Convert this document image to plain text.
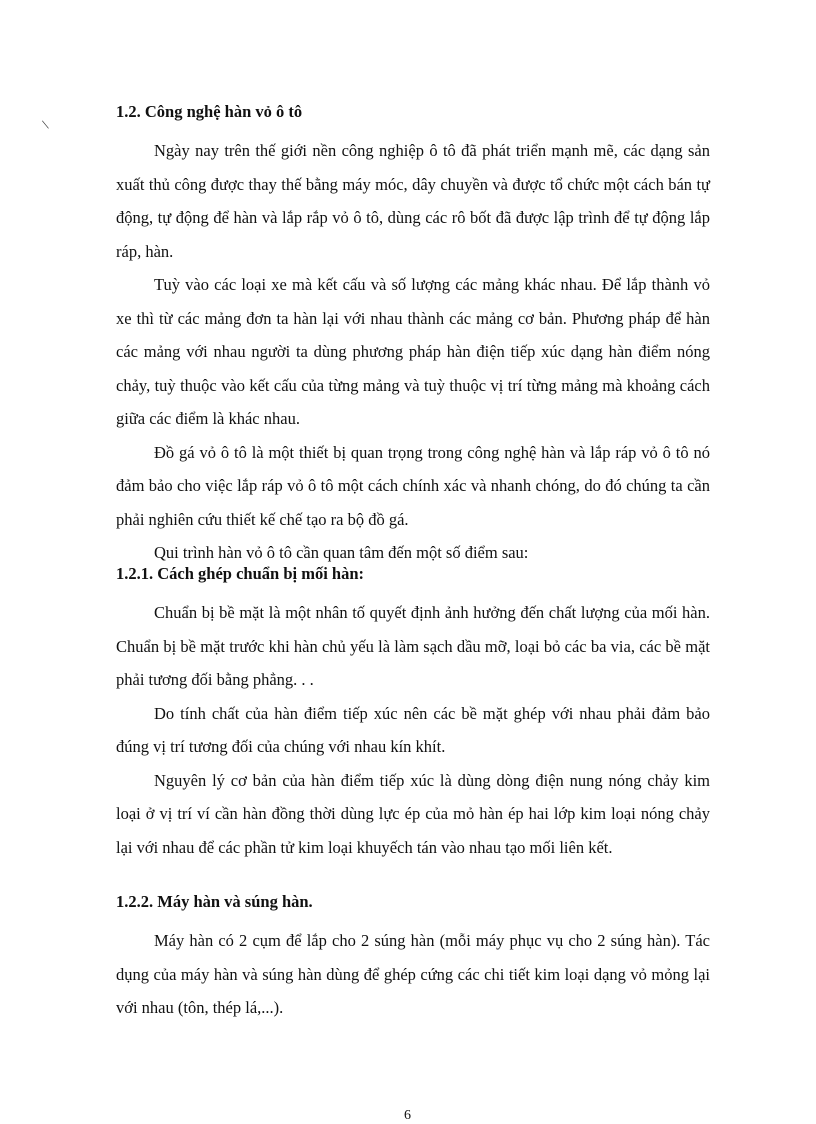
\

1.2. Công nghệ hàn vỏ ô tô

Ngày nay trên thế giới nền công nghiệp ô tô đã phát triển mạnh mẽ, các dạng sản xuất thủ công được thay thế bằng máy móc, dây chuyền và được tổ chức một cách bán tự động, tự động để hàn và lắp rắp vỏ ô tô, dùng các rô bốt đã được lập trình để tự động lắp ráp, hàn.

Tuỳ vào các loại xe mà kết cấu và số lượng các mảng khác nhau. Để lắp thành vỏ xe thì từ các mảng đơn ta hàn lại với nhau thành các mảng cơ bản. Phương pháp để hàn các mảng với nhau người ta dùng phương pháp hàn điện tiếp xúc dạng hàn điểm nóng chảy, tuỳ thuộc vào kết cấu của từng mảng và tuỳ thuộc vị trí từng mảng mà khoảng cách giữa các điểm là khác nhau.

Đồ gá vỏ ô tô là một thiết bị quan trọng trong công nghệ hàn và lắp ráp vỏ ô tô nó đảm bảo cho việc lắp ráp vỏ ô tô một cách chính xác và nhanh chóng, do đó chúng ta cần phải nghiên cứu thiết kế chế tạo ra bộ đồ gá.

Qui trình hàn vỏ ô tô cần quan tâm đến một số điểm sau:

1.2.1. Cách ghép chuẩn bị mối hàn:

Chuẩn bị bề mặt là một nhân tố quyết định ảnh hưởng đến chất lượng của mối hàn. Chuẩn bị bề mặt trước khi hàn chủ yếu là làm sạch dầu mỡ, loại bỏ các ba via, các bề mặt phải tương đối bằng phẳng. . .

Do tính chất của hàn điểm tiếp xúc nên các bề mặt ghép với nhau phải đảm bảo đúng vị trí tương đối của chúng với nhau kín khít.

Nguyên lý cơ bản của hàn điểm tiếp xúc là dùng dòng điện nung nóng chảy kim loại ở vị trí ví cần hàn đồng thời dùng lực ép của mỏ hàn ép hai lớp kim loại nóng chảy lại với nhau để các phần tử kim loại khuyếch tán vào nhau tạo mối liên kết.

1.2.2. Máy hàn và súng hàn.

Máy hàn có 2 cụm để lắp cho 2 súng hàn (mỗi máy phục vụ cho 2 súng hàn). Tác dụng của máy hàn và súng hàn dùng để ghép cứng các chi tiết kim loại dạng vỏ mỏng lại với nhau (tôn, thép lá,...).

6
